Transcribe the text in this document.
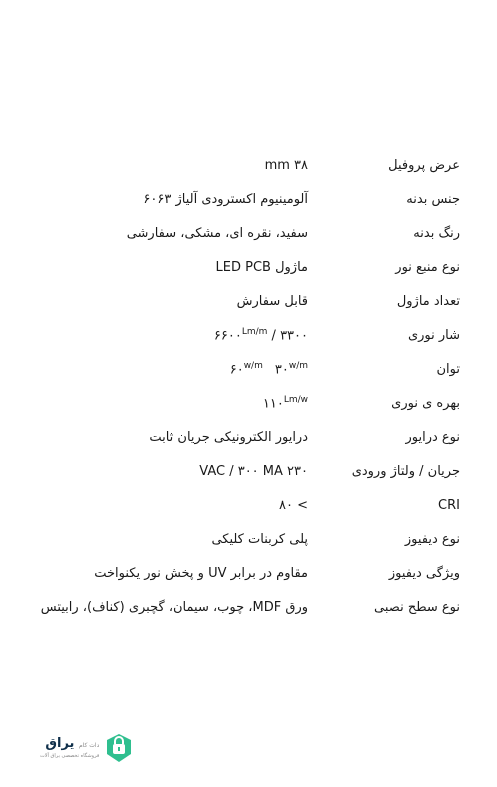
عرض پروفیل
۳۸ mm
جنس بدنه
آلومینیوم اکسترودی آلیاژ ۶۰۶۳
رنگ بدنه
سفید، نقره ای، مشکی، سفارشی
نوع منبع نور
ماژول LED PCB
تعداد ماژول
قابل سفارش
شار نوری
۳۳۰۰ / $۶۶۰۰^{Lm/m}$
توان
$۶۰^{w/m}$ $۳۰^{w/m}$
بهره ی نوری
$۱۱۰^{Lm/w}$
نوع درایور
درایور الکترونیکی جریان ثابت
جریان / ولتاژ ورودی
۲۳۰ VAC / ۳۰۰ MA
CRI
> ۸۰
نوع دیفیوز
پلی کربنات کلیکی
ویژگی دیفیوز
مقاوم در برابر UV و پخش نور یکنواخت
نوع سطح نصبی
ورق MDF، چوب، سیمان، گچبری (کناف)، رابیتس
دات کام یراق
فروشگاه تخصصی یراق آلات
